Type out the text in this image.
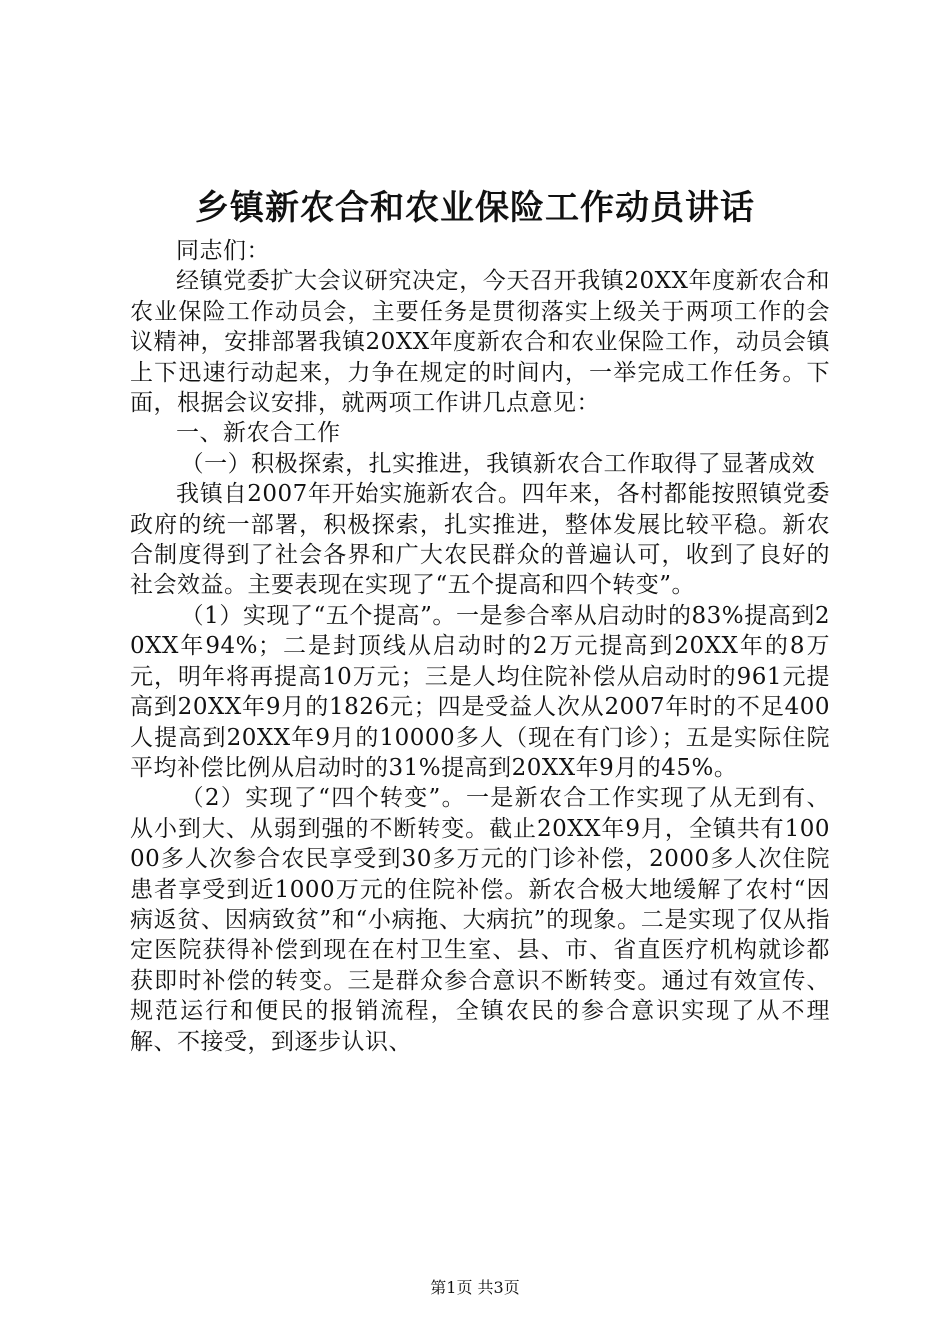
乡镇新农合和农业保险工作动员讲话

同志们：

经镇党委扩大会议研究决定，今天召开我镇20XX年度新农合和农业保险工作动员会，主要任务是贯彻落实上级关于两项工作的会议精神，安排部署我镇20XX年度新农合和农业保险工作，动员会镇上下迅速行动起来，力争在规定的时间内，一举完成工作任务。下面，根据会议安排，就两项工作讲几点意见：

一、新农合工作

（一）积极探索，扎实推进，我镇新农合工作取得了显著成效

我镇自2007年开始实施新农合。四年来，各村都能按照镇党委政府的统一部署，积极探索，扎实推进，整体发展比较平稳。新农合制度得到了社会各界和广大农民群众的普遍认可，收到了良好的社会效益。主要表现在实现了“五个提高和四个转变”。

（1）实现了“五个提高”。一是参合率从启动时的83%提高到20XX年94%；二是封顶线从启动时的2万元提高到20XX年的8万元，明年将再提高10万元；三是人均住院补偿从启动时的961元提高到20XX年9月的1826元；四是受益人次从2007年时的不足400人提高到20XX年9月的10000多人（现在有门诊）；五是实际住院平均补偿比例从启动时的31%提高到20XX年9月的45%。

（2）实现了“四个转变”。一是新农合工作实现了从无到有、从小到大、从弱到强的不断转变。截止20XX年9月，全镇共有10000多人次参合农民享受到30多万元的门诊补偿，2000多人次住院患者享受到近1000万元的住院补偿。新农合极大地缓解了农村“因病返贫、因病致贫”和“小病拖、大病抗”的现象。二是实现了仅从指定医院获得补偿到现在在村卫生室、县、市、省直医疗机构就诊都获即时补偿的转变。三是群众参合意识不断转变。通过有效宣传、规范运行和便民的报销流程，全镇农民的参合意识实现了从不理解、不接受，到逐步认识、

第1页 共3页
